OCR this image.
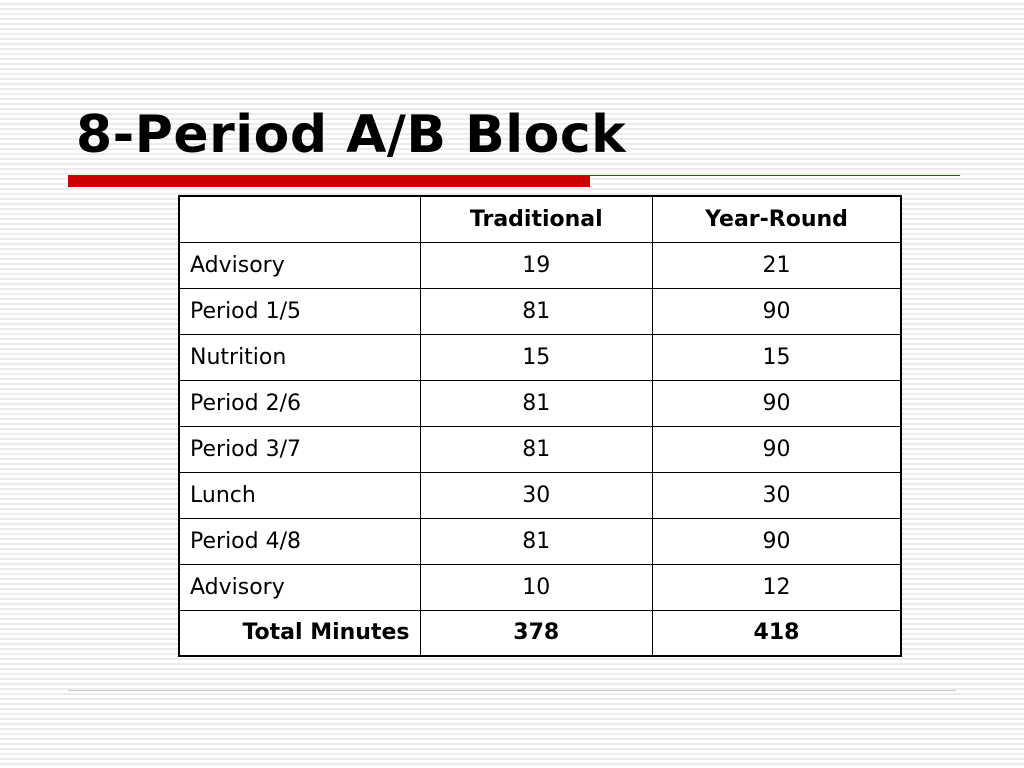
8-Period A/B Block
	Traditional	Year-Round
Advisory	19	21
Period 1/5	81	90
Nutrition	15	15
Period 2/6	81	90
Period 3/7	81	90
Lunch	30	30
Period 4/8	81	90
Advisory	10	12
Total Minutes	378	418
